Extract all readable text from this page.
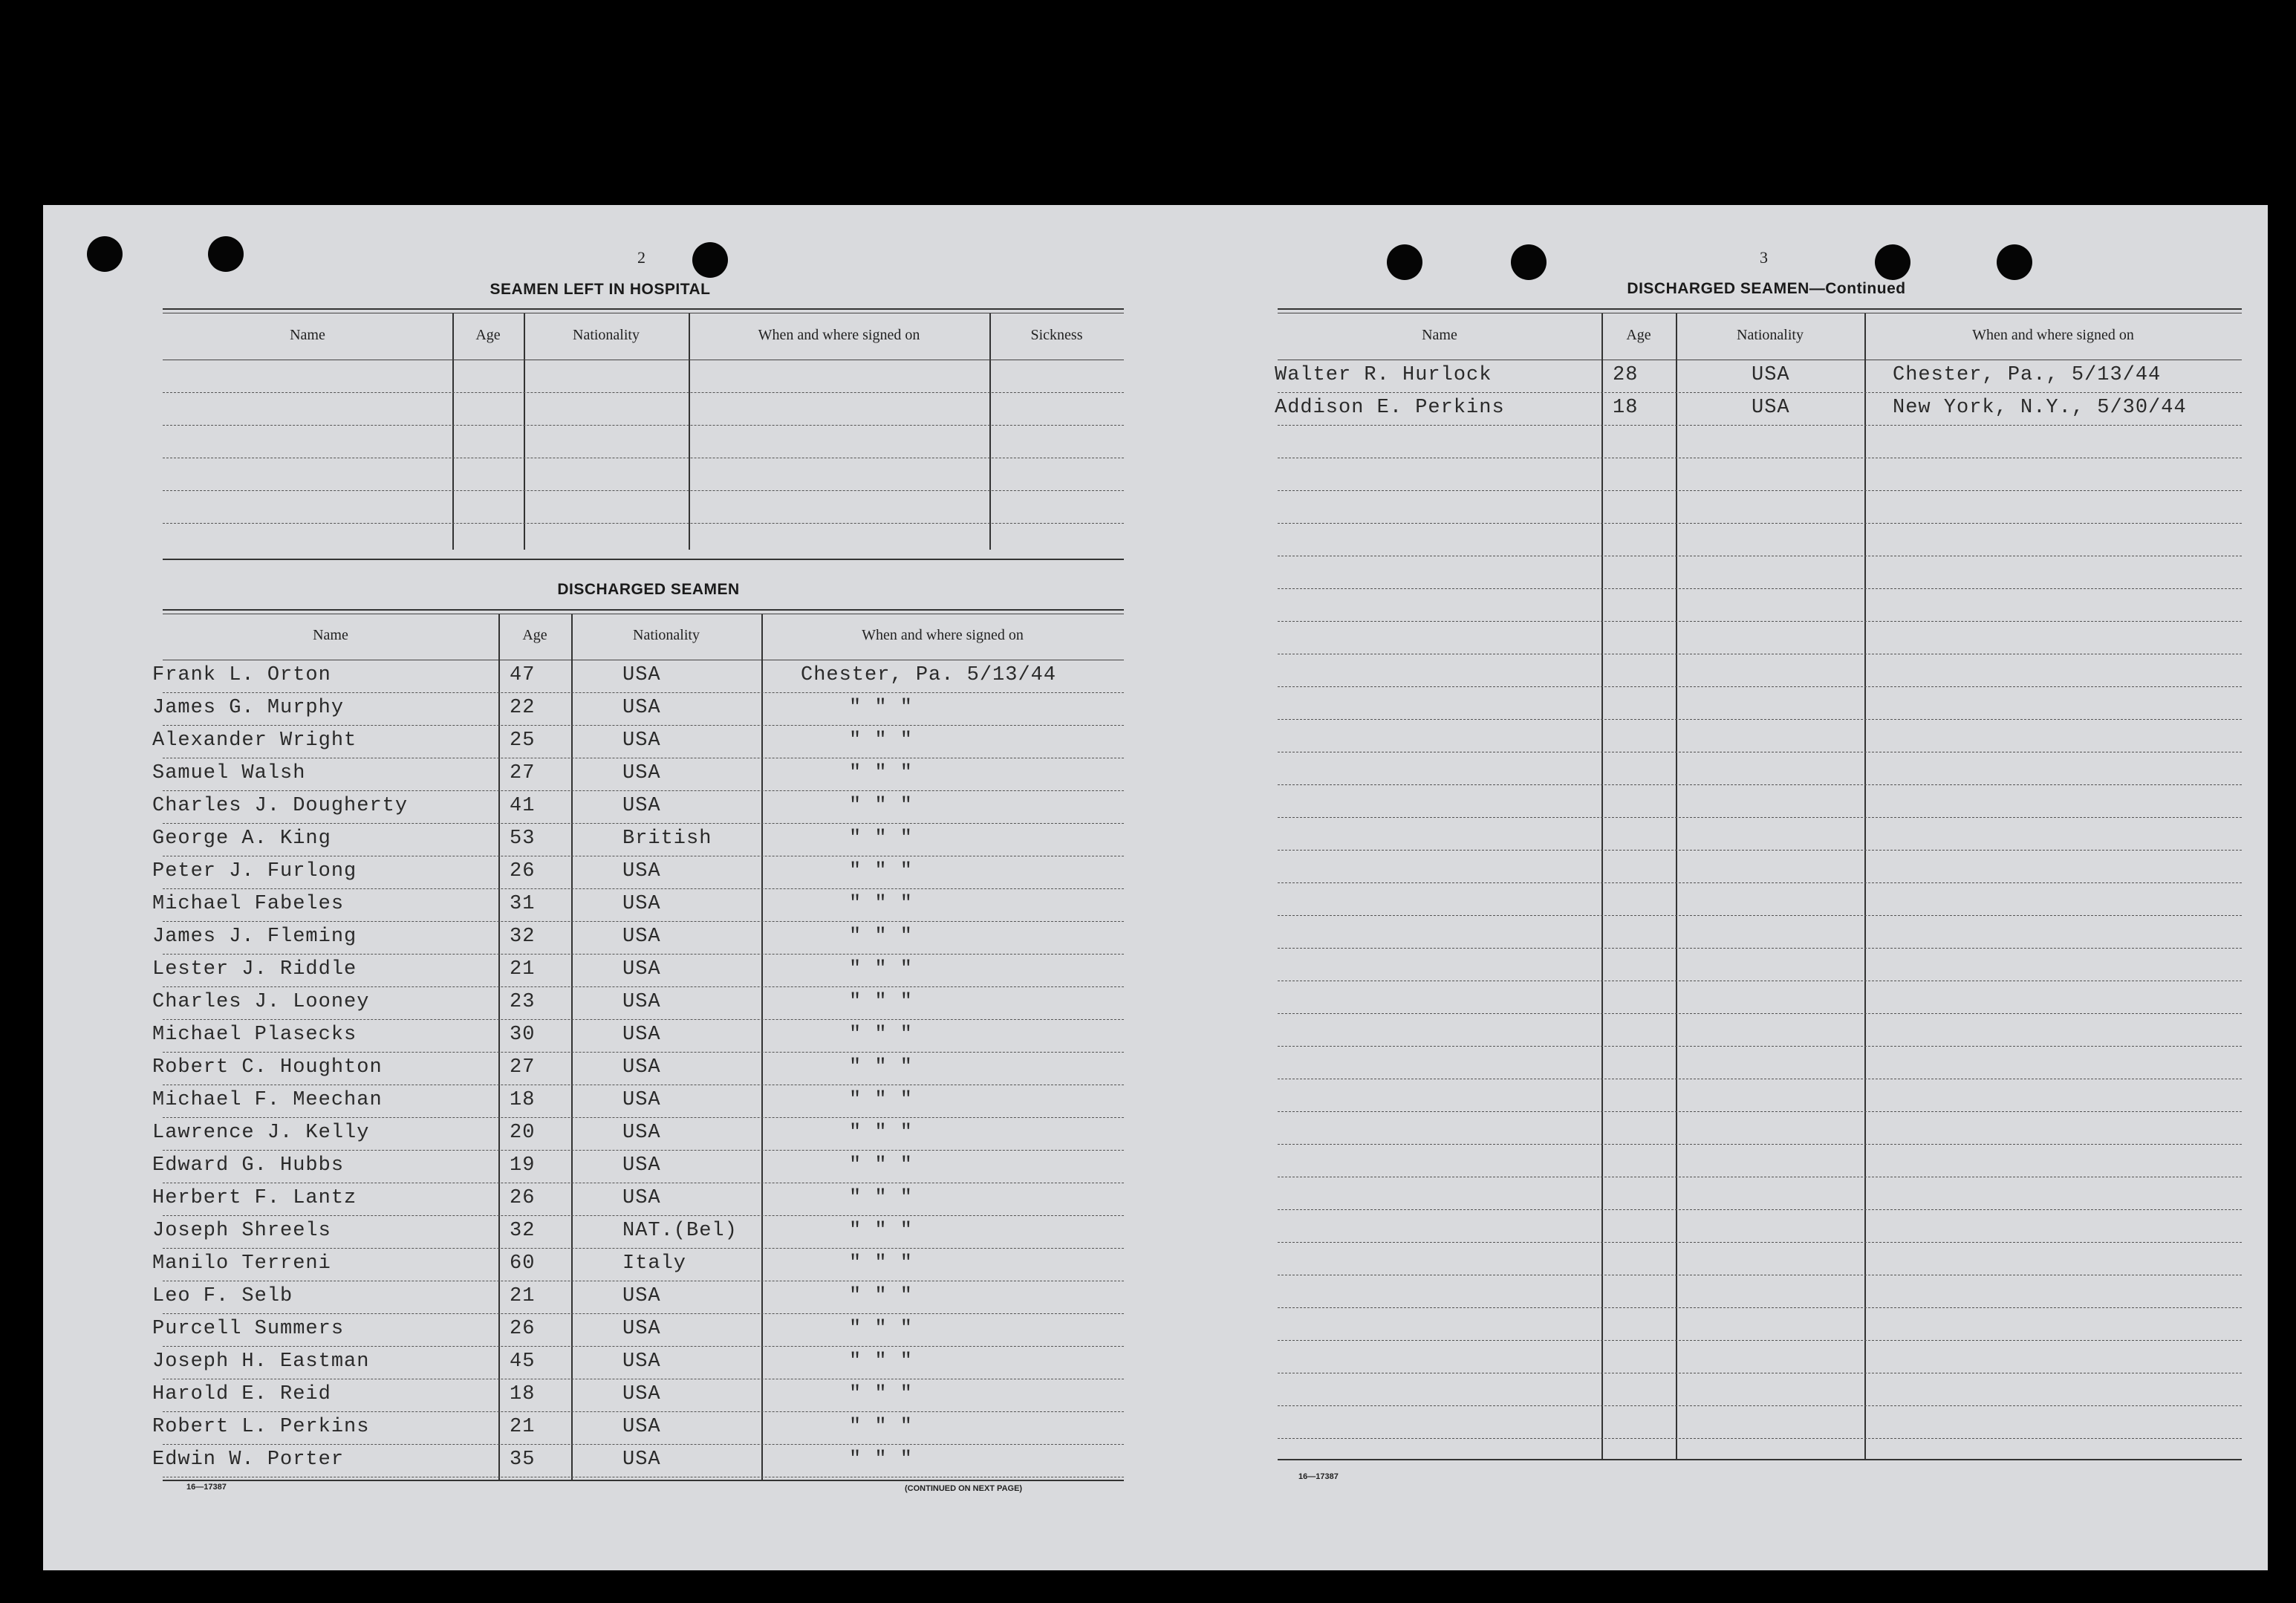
2
SEAMEN LEFT IN HOSPITAL
Name	Age	Nationality	When and where signed on	Sickness
DISCHARGED SEAMEN
Name	Age	Nationality	When and where signed on
Frank L. Orton	47	USA	Chester, Pa. 5/13/44
James G. Murphy	22	USA	" " "
Alexander Wright	25	USA	" " "
Samuel Walsh	27	USA	" " "
Charles J. Dougherty	41	USA	" " "
George A. King	53	British	" " "
Peter J. Furlong	26	USA	" " "
Michael Fabeles	31	USA	" " "
James J. Fleming	32	USA	" " "
Lester J. Riddle	21	USA	" " "
Charles J. Looney	23	USA	" " "
Michael Plasecks	30	USA	" " "
Robert C. Houghton	27	USA	" " "
Michael F. Meechan	18	USA	" " "
Lawrence J. Kelly	20	USA	" " "
Edward G. Hubbs	19	USA	" " "
Herbert F. Lantz	26	USA	" " "
Joseph Shreels	32	NAT.(Bel)	" " "
Manilo Terreni	60	Italy	" " "
Leo F. Selb	21	USA	" " "
Purcell Summers	26	USA	" " "
Joseph H. Eastman	45	USA	" " "
Harold E. Reid	18	USA	" " "
Robert L. Perkins	21	USA	" " "
Edwin W. Porter	35	USA	" " "
16—17387	(CONTINUED ON NEXT PAGE)
3
DISCHARGED SEAMEN—Continued
Name	Age	Nationality	When and where signed on
Walter R. Hurlock	28	USA	Chester, Pa., 5/13/44
Addison E. Perkins	18	USA	New York, N.Y., 5/30/44
16—17387
